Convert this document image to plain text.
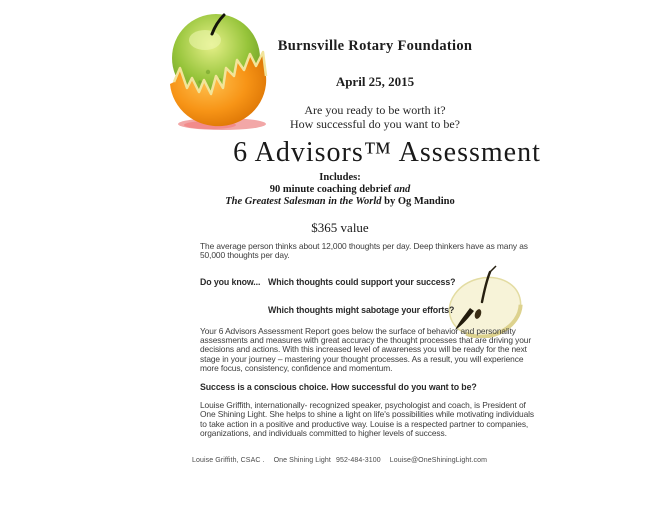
Burnsville Rotary Foundation
April 25, 2015
Are you ready to be worth it?
How successful do you want to be?
6 Advisors™ Assessment
Includes:
90 minute coaching debrief and
The Greatest Salesman in the World by Og Mandino
$365 value

The average person thinks about 12,000 thoughts per day. Deep thinkers have as many as 50,000 thoughts per day.

Do you know... Which thoughts could support your success?
Which thoughts might sabotage your efforts?

Your 6 Advisors Assessment Report goes below the surface of behavior and personality assessments and measures with great accuracy the thought processes that are driving your decisions and actions. With this increased level of awareness you will be ready for the next stage in your journey – mastering your thought processes. As a result, you will experience more focus, consistency, confidence and momentum.

Success is a conscious choice. How successful do you want to be?

Louise Griffith, internationally- recognized speaker, psychologist and coach, is President of One Shining Light. She helps to shine a light on life's possibilities while motivating individuals to take action in a positive and productive way. Louise is a respected partner to companies, organizations, and individuals committed to higher levels of success.

Louise Griffith, CSAC . One Shining Light 952-484-3100 Louise@OneShiningLight.com
